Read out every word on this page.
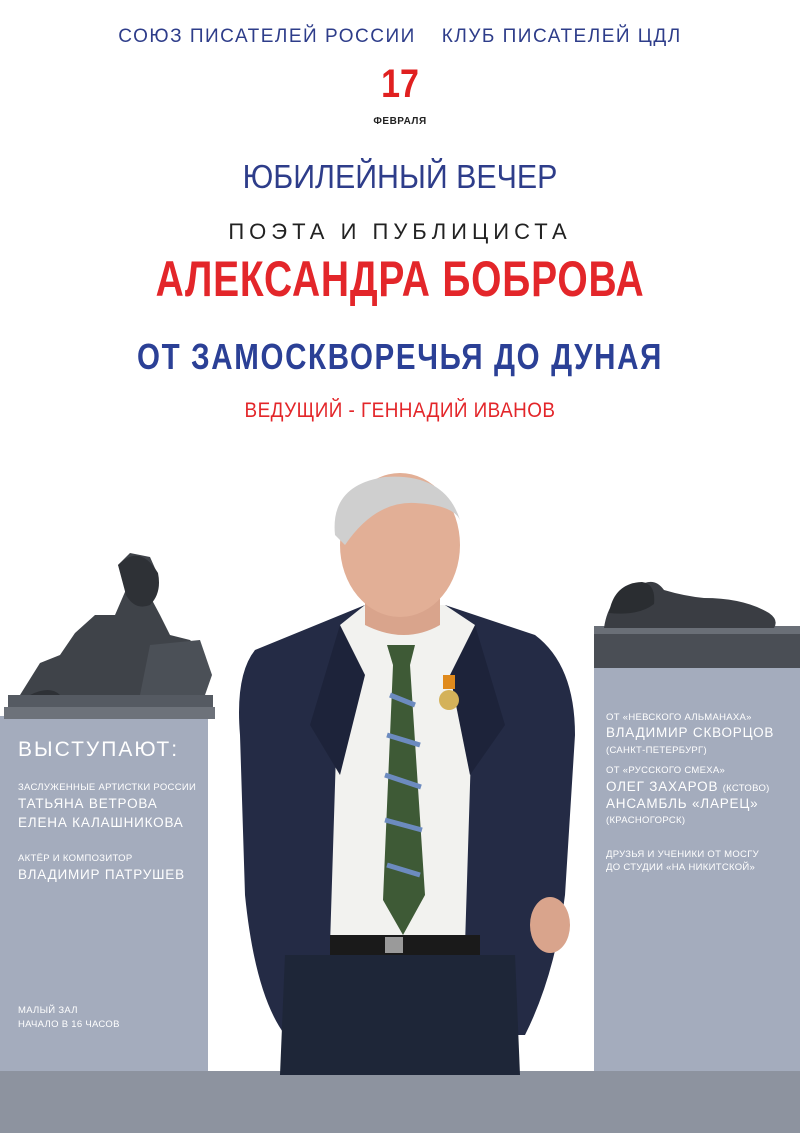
СОЮЗ ПИСАТЕЛЕЙ РОССИИ КЛУБ ПИСАТЕЛЕЙ ЦДЛ
17
ФЕВРАЛЯ
ЮБИЛЕЙНЫЙ ВЕЧЕР
ПОЭТА И ПУБЛИЦИСТА
АЛЕКСАНДРА БОБРОВА
ОТ ЗАМОСКВОРЕЧЬЯ ДО ДУНАЯ
ВЕДУЩИЙ - ГЕННАДИЙ ИВАНОВ
ВЫСТУПАЮТ:
ЗАСЛУЖЕННЫЕ АРТИСТКИ РОССИИ
ТАТЬЯНА ВЕТРОВА
ЕЛЕНА КАЛАШНИКОВА
АКТЁР И КОМПОЗИТОР
ВЛАДИМИР ПАТРУШЕВ
МАЛЫЙ ЗАЛ
НАЧАЛО В 16 ЧАСОВ
ОТ «НЕВСКОГО АЛЬМАНАХА»
ВЛАДИМИР СКВОРЦОВ
(САНКТ-ПЕТЕРБУРГ)
ОТ «РУССКОГО СМЕХА»
ОЛЕГ ЗАХАРОВ (КСТОВО)
АНСАМБЛЬ «ЛАРЕЦ»
(КРАСНОГОРСК)
ДРУЗЬЯ И УЧЕНИКИ ОТ МОСГУ
ДО СТУДИИ «НА НИКИТСКОЙ»
